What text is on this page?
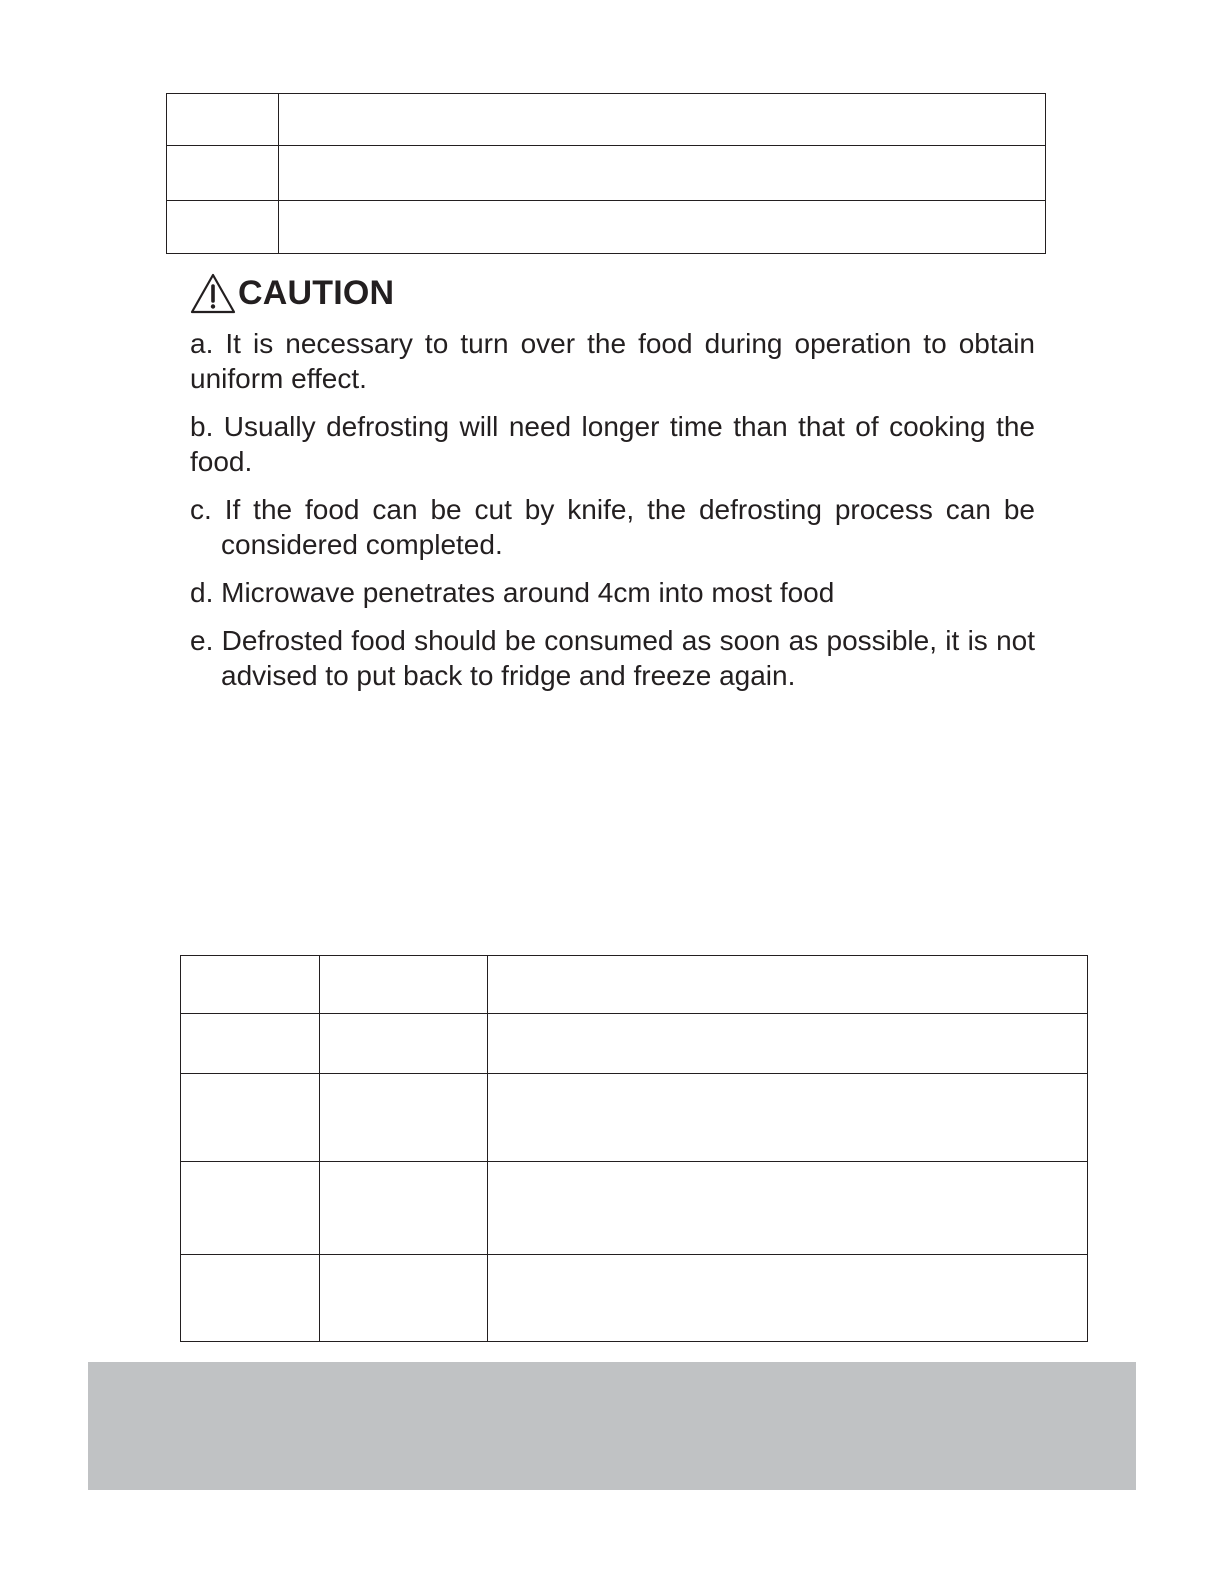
CAUTION
a. It is necessary to turn over the food during operation to obtain uniform effect.
b. Usually defrosting will need longer time than that of cooking the food.
c. If the food can be cut by knife, the defrosting process can be considered completed.
d. Microwave penetrates around 4cm into most food
e. Defrosted food should be consumed as soon as possible, it is not advised to put back to fridge and freeze again.
